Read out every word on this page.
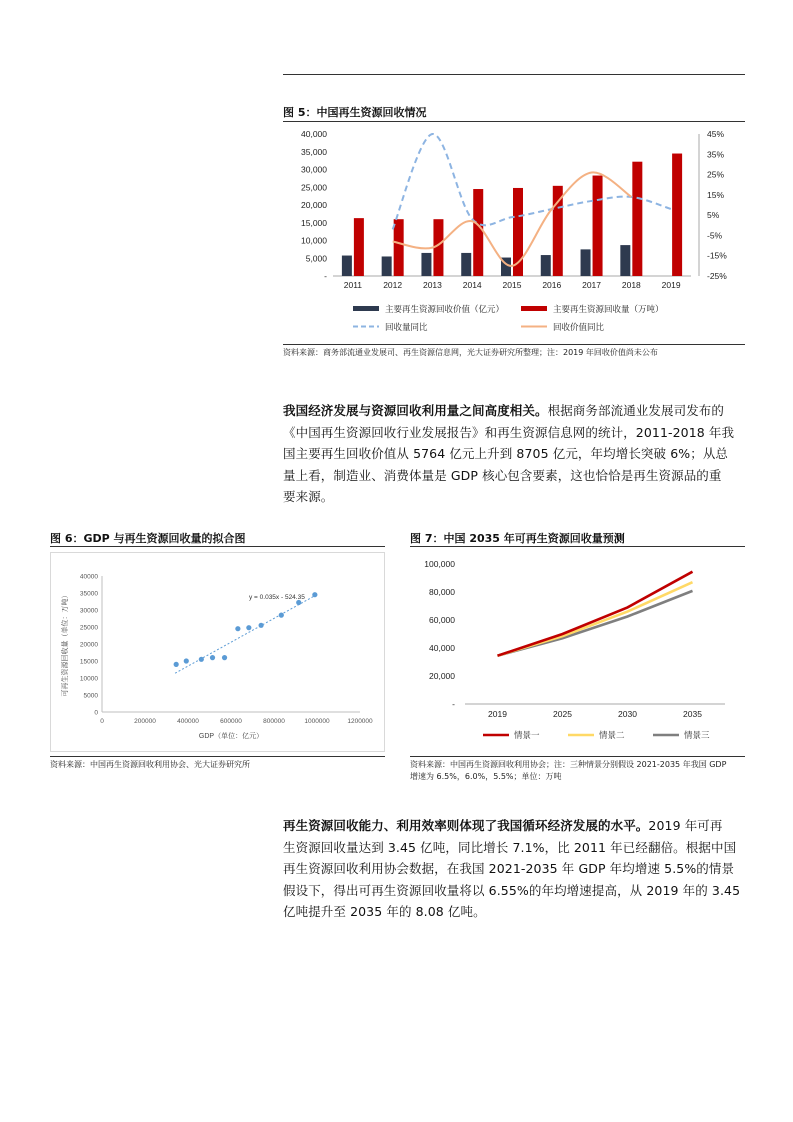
图 5：中国再生资源回收情况
40,000
35,000
30,000
25,000
20,000
15,000
10,000
5,000
-
45%
35%
25%
15%
5%
-5%
-15%
-25%
2011 2012 2013 2014 2015 2016 2017 2018 2019
主要再生资源回收价值（亿元）	主要再生资源回收量（万吨）
回收量同比	回收价值同比
资料来源：商务部流通业发展司、再生资源信息网，光大证券研究所整理；注：2019 年回收价值尚未公布
我国经济发展与资源回收利用量之间高度相关。根据商务部流通业发展司发布的
《中国再生资源回收行业发展报告》和再生资源信息网的统计，2011-2018 年我
国主要再生回收价值从 5764 亿元上升到 8705 亿元，年均增长突破 6%；从总
量上看，制造业、消费体量是 GDP 核心包含要素，这也恰恰是再生资源品的重
要来源。
图 6：GDP 与再生资源回收量的拟合图
40000
35000
30000
25000
20000
15000
10000
5000
0
0	200000	400000	600000	800000	1000000	1200000
y = 0.035x - 524.35
GDP（单位：亿元）
可再生资源回收量（单位：万吨）
资料来源：中国再生资源回收利用协会、光大证券研究所
图 7：中国 2035 年可再生资源回收量预测
100,000
80,000
60,000
40,000
20,000
-
2019	2025	2030	2035
情景一	情景二	情景三
资料来源：中国再生资源回收利用协会；注：三种情景分别假设 2021-2035 年我国 GDP
增速为 6.5%，6.0%，5.5%；单位：万吨
再生资源回收能力、利用效率则体现了我国循环经济发展的水平。2019 年可再
生资源回收量达到 3.45 亿吨，同比增长 7.1%，比 2011 年已经翻倍。根据中国
再生资源回收利用协会数据，在我国 2021-2035 年 GDP 年均增速 5.5%的情景
假设下，得出可再生资源回收量将以 6.55%的年均增速提高，从 2019 年的 3.45
亿吨提升至 2035 年的 8.08 亿吨。
